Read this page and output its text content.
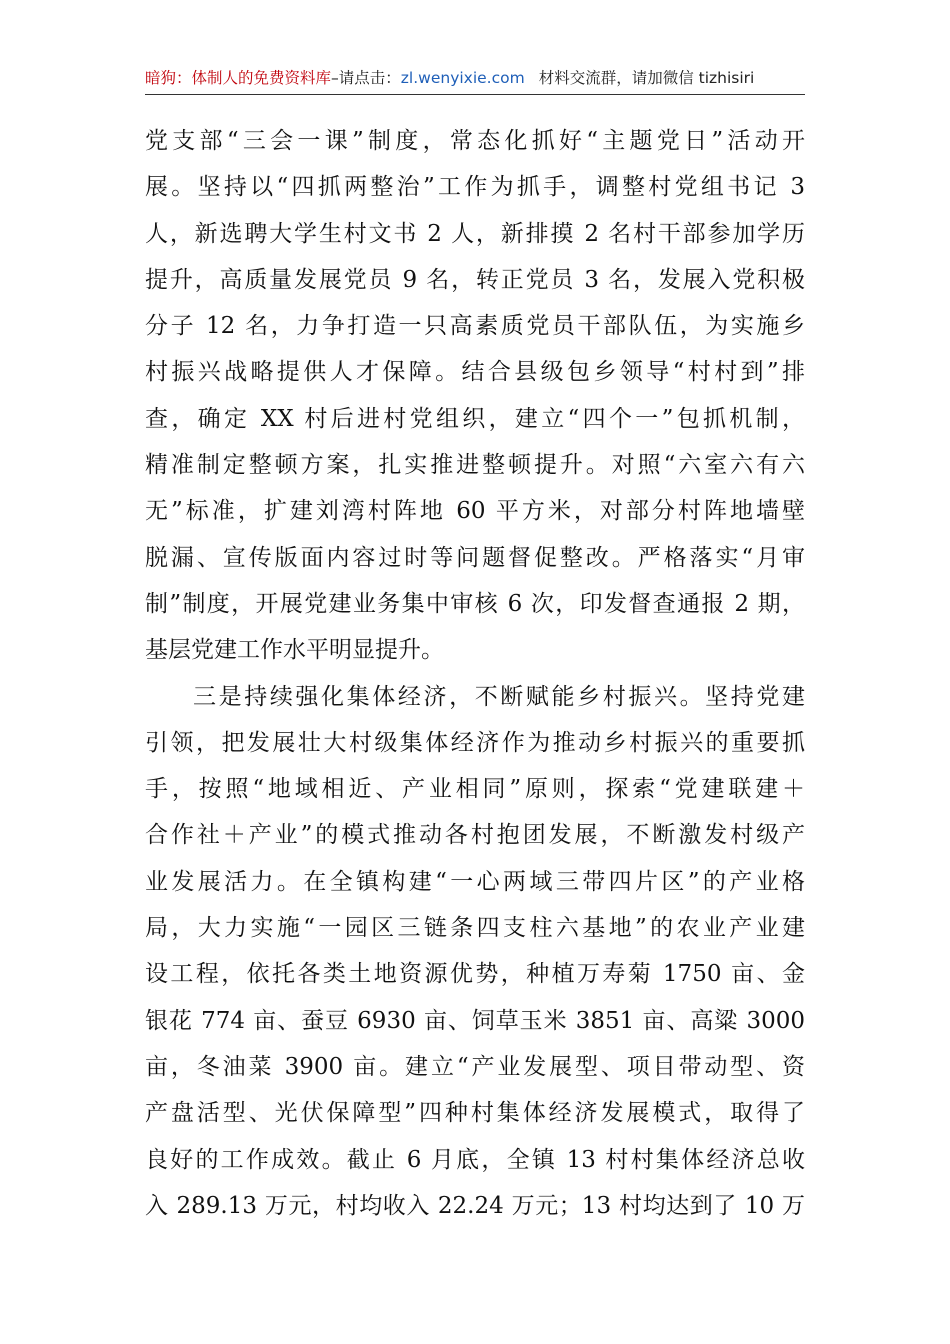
暗狗：体制人的免费资料库–请点击：zl.wenyixie.com 材料交流群，请加微信 tizhisiri
党支部“三会一课”制度，常态化抓好“主题党日”活动开
展。坚持以“四抓两整治”工作为抓手，调整村党组书记 3
人，新选聘大学生村文书 2 人，新排摸 2 名村干部参加学历
提升，高质量发展党员 9 名，转正党员 3 名，发展入党积极
分子 12 名，力争打造一只高素质党员干部队伍，为实施乡
村振兴战略提供人才保障。结合县级包乡领导“村村到”排
查，确定 XX 村后进村党组织，建立“四个一”包抓机制，
精准制定整顿方案，扎实推进整顿提升。对照“六室六有六
无”标准，扩建刘湾村阵地 60 平方米，对部分村阵地墙壁
脱漏、宣传版面内容过时等问题督促整改。严格落实“月审
制”制度，开展党建业务集中审核 6 次，印发督查通报 2 期，
基层党建工作水平明显提升。
三是持续强化集体经济，不断赋能乡村振兴。坚持党建
引领，把发展壮大村级集体经济作为推动乡村振兴的重要抓
手，按照“地域相近、产业相同”原则，探索“党建联建＋
合作社＋产业”的模式推动各村抱团发展，不断激发村级产
业发展活力。在全镇构建“一心两域三带四片区”的产业格
局，大力实施“一园区三链条四支柱六基地”的农业产业建
设工程，依托各类土地资源优势，种植万寿菊 1750 亩、金
银花 774 亩、蚕豆 6930 亩、饲草玉米 3851 亩、高粱 3000
亩，冬油菜 3900 亩。建立“产业发展型、项目带动型、资
产盘活型、光伏保障型”四种村集体经济发展模式，取得了
良好的工作成效。截止 6 月底，全镇 13 村村集体经济总收
入 289.13 万元，村均收入 22.24 万元；13 村均达到了 10 万
